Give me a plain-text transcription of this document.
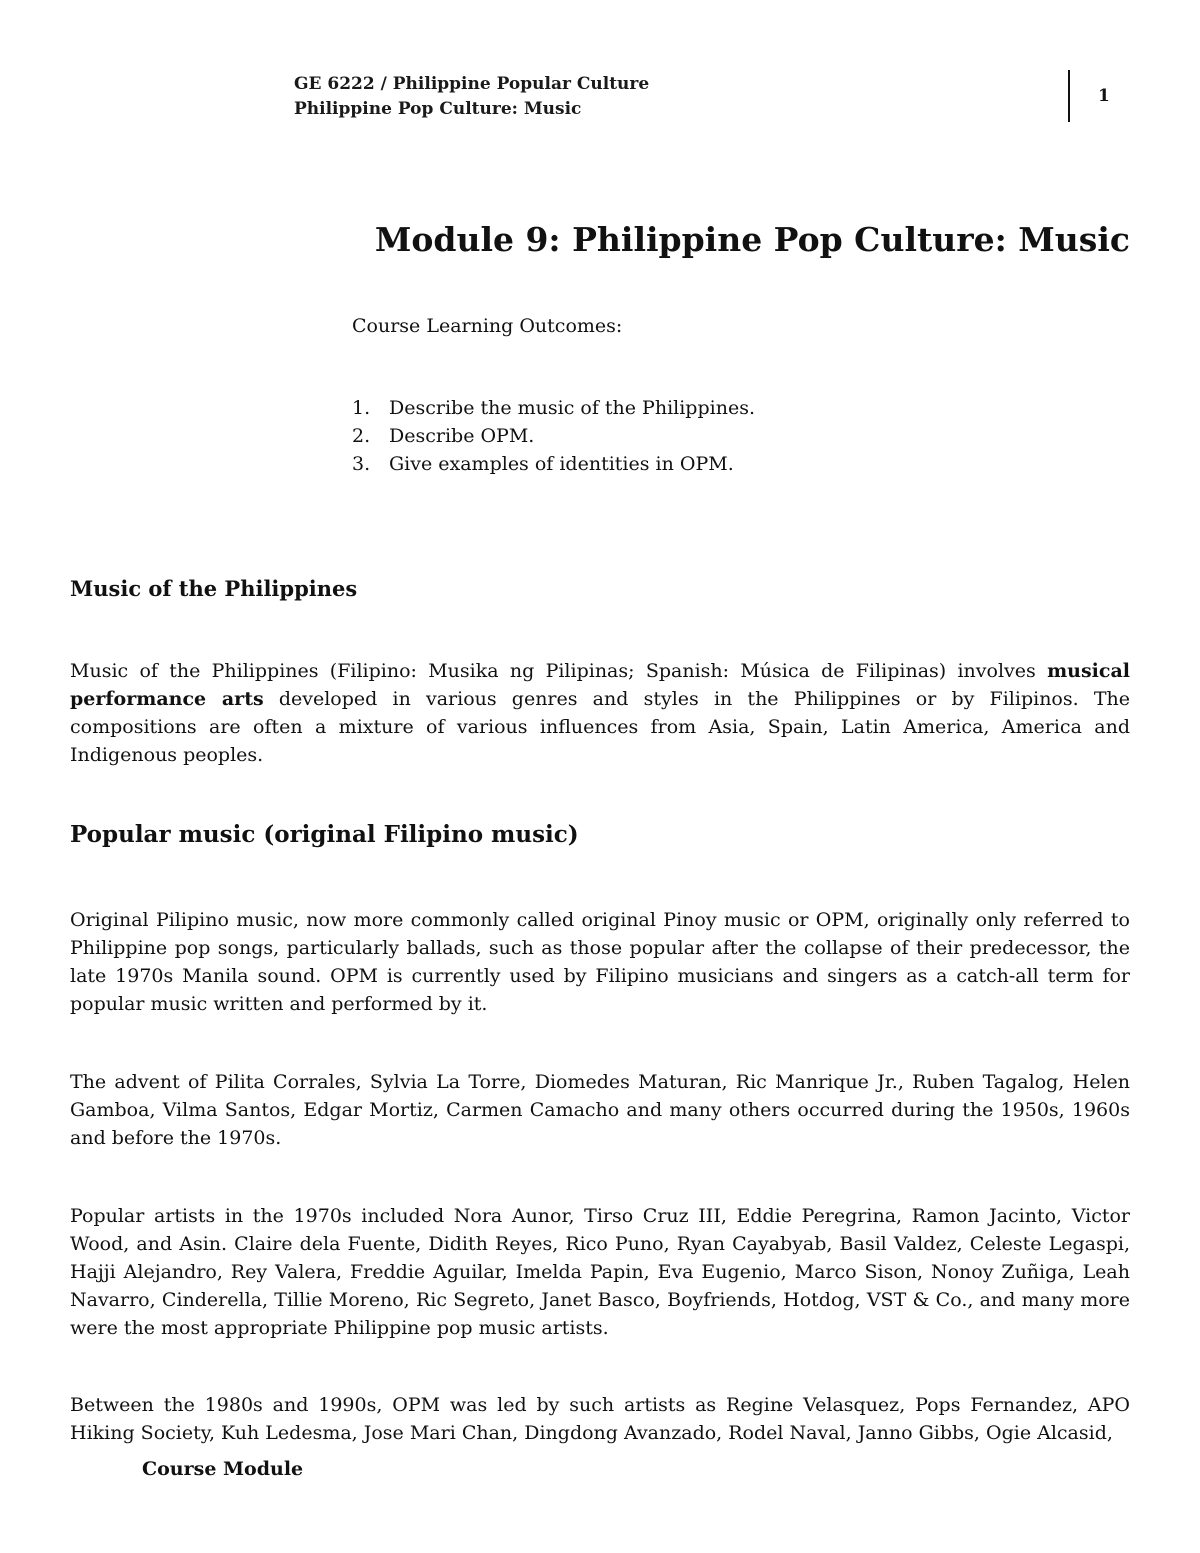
GE 6222 / Philippine Popular Culture
Philippine Pop Culture: Music
1
Module 9: Philippine Pop Culture: Music
Course Learning Outcomes:
1. Describe the music of the Philippines.
2. Describe OPM.
3. Give examples of identities in OPM.
Music of the Philippines

Music of the Philippines (Filipino: Musika ng Pilipinas; Spanish: Música de Filipinas) involves musical performance arts developed in various genres and styles in the Philippines or by Filipinos. The compositions are often a mixture of various influences from Asia, Spain, Latin America, America and Indigenous peoples.

Popular music (original Filipino music)

Original Pilipino music, now more commonly called original Pinoy music or OPM, originally only referred to Philippine pop songs, particularly ballads, such as those popular after the collapse of their predecessor, the late 1970s Manila sound. OPM is currently used by Filipino musicians and singers as a catch-all term for popular music written and performed by it.

The advent of Pilita Corrales, Sylvia La Torre, Diomedes Maturan, Ric Manrique Jr., Ruben Tagalog, Helen Gamboa, Vilma Santos, Edgar Mortiz, Carmen Camacho and many others occurred during the 1950s, 1960s and before the 1970s.

Popular artists in the 1970s included Nora Aunor, Tirso Cruz III, Eddie Peregrina, Ramon Jacinto, Victor Wood, and Asin. Claire dela Fuente, Didith Reyes, Rico Puno, Ryan Cayabyab, Basil Valdez, Celeste Legaspi, Hajji Alejandro, Rey Valera, Freddie Aguilar, Imelda Papin, Eva Eugenio, Marco Sison, Nonoy Zuñiga, Leah Navarro, Cinderella, Tillie Moreno, Ric Segreto, Janet Basco, Boyfriends, Hotdog, VST & Co., and many more were the most appropriate Philippine pop music artists.

Between the 1980s and 1990s, OPM was led by such artists as Regine Velasquez, Pops Fernandez, APO Hiking Society, Kuh Ledesma, Jose Mari Chan, Dingdong Avanzado, Rodel Naval, Janno Gibbs, Ogie Alcasid,

Course Module
